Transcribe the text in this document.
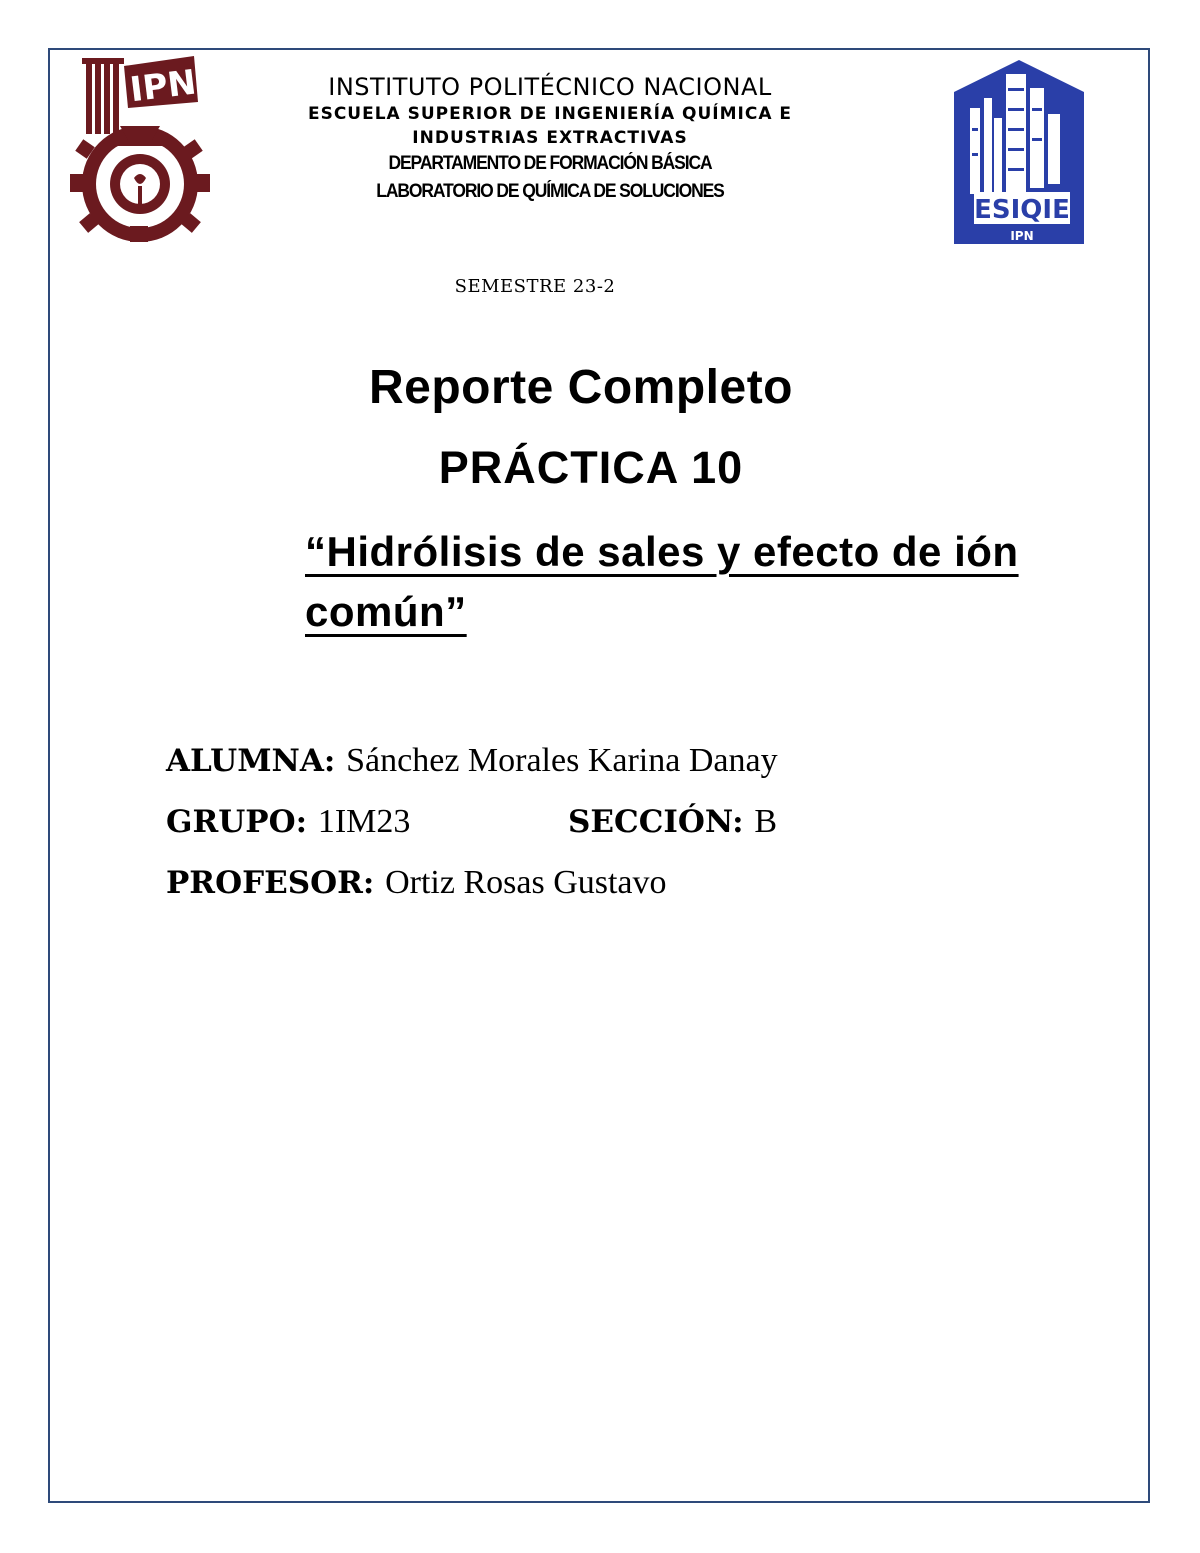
IPN
ESIQIE
IPN
INSTITUTO POLITÉCNICO NACIONAL
ESCUELA SUPERIOR DE INGENIERÍA QUÍMICA E
INDUSTRIAS EXTRACTIVAS
DEPARTAMENTO DE FORMACIÓN BÁSICA
LABORATORIO DE QUÍMICA DE SOLUCIONES
SEMESTRE 23-2
Reporte Completo
PRÁCTICA 10
“Hidrólisis de sales y efecto de ión común”
ALUMNA: Sánchez Morales Karina Danay
GRUPO: 1IM23	SECCIÓN: B
PROFESOR: Ortiz Rosas Gustavo
